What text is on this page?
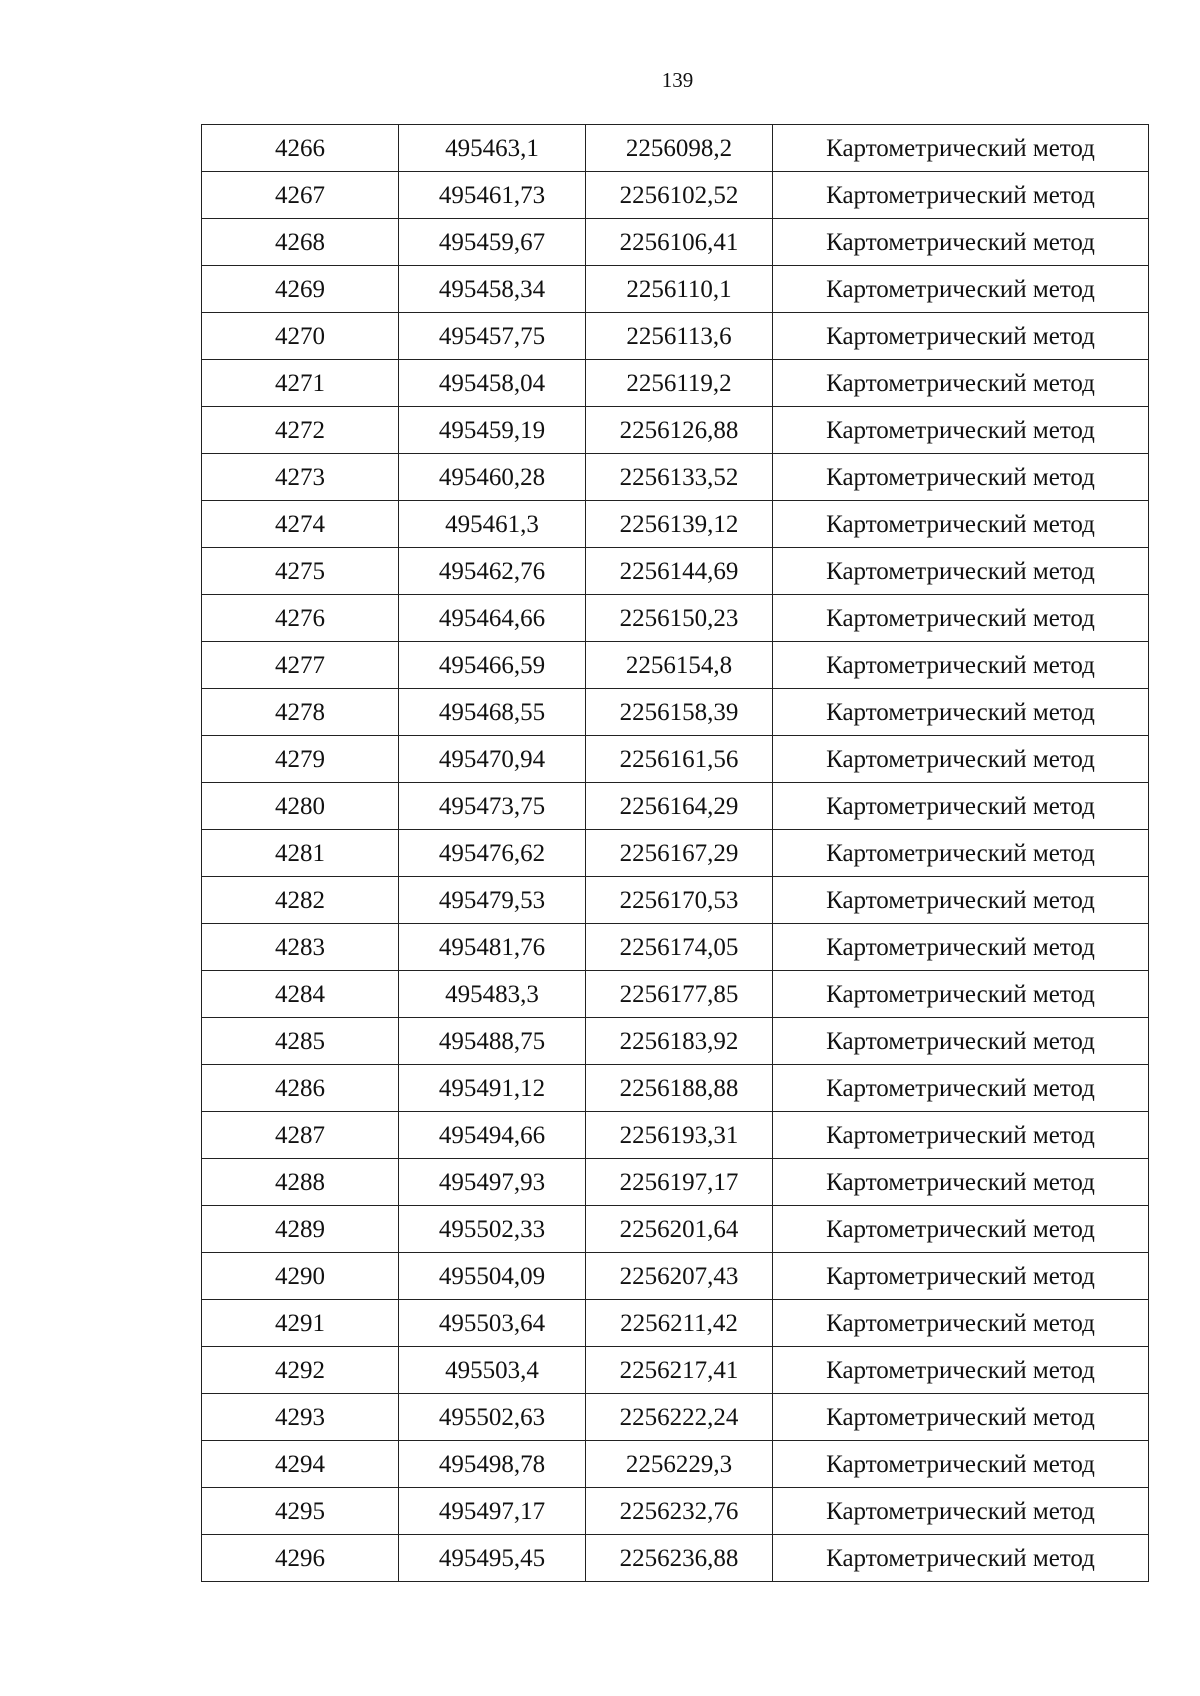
139
4266	495463,1	2256098,2	Картометрический метод
4267	495461,73	2256102,52	Картометрический метод
4268	495459,67	2256106,41	Картометрический метод
4269	495458,34	2256110,1	Картометрический метод
4270	495457,75	2256113,6	Картометрический метод
4271	495458,04	2256119,2	Картометрический метод
4272	495459,19	2256126,88	Картометрический метод
4273	495460,28	2256133,52	Картометрический метод
4274	495461,3	2256139,12	Картометрический метод
4275	495462,76	2256144,69	Картометрический метод
4276	495464,66	2256150,23	Картометрический метод
4277	495466,59	2256154,8	Картометрический метод
4278	495468,55	2256158,39	Картометрический метод
4279	495470,94	2256161,56	Картометрический метод
4280	495473,75	2256164,29	Картометрический метод
4281	495476,62	2256167,29	Картометрический метод
4282	495479,53	2256170,53	Картометрический метод
4283	495481,76	2256174,05	Картометрический метод
4284	495483,3	2256177,85	Картометрический метод
4285	495488,75	2256183,92	Картометрический метод
4286	495491,12	2256188,88	Картометрический метод
4287	495494,66	2256193,31	Картометрический метод
4288	495497,93	2256197,17	Картометрический метод
4289	495502,33	2256201,64	Картометрический метод
4290	495504,09	2256207,43	Картометрический метод
4291	495503,64	2256211,42	Картометрический метод
4292	495503,4	2256217,41	Картометрический метод
4293	495502,63	2256222,24	Картометрический метод
4294	495498,78	2256229,3	Картометрический метод
4295	495497,17	2256232,76	Картометрический метод
4296	495495,45	2256236,88	Картометрический метод
